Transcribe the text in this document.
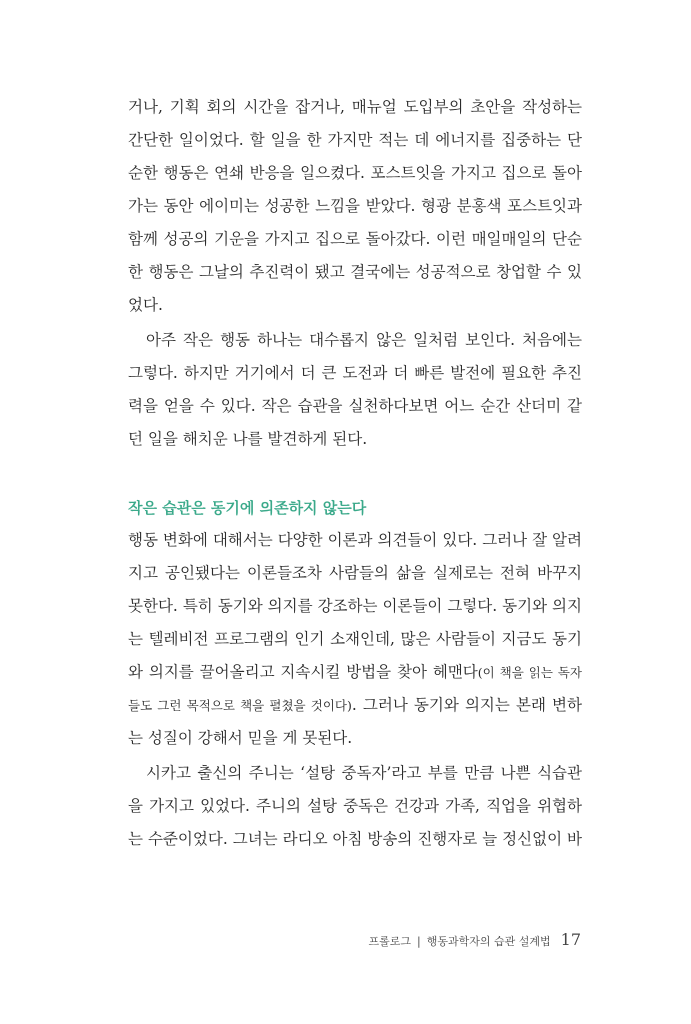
거나, 기획 회의 시간을 잡거나, 매뉴얼 도입부의 초안을 작성하는
간단한 일이었다. 할 일을 한 가지만 적는 데 에너지를 집중하는 단
순한 행동은 연쇄 반응을 일으켰다. 포스트잇을 가지고 집으로 돌아
가는 동안 에이미는 성공한 느낌을 받았다. 형광 분홍색 포스트잇과
함께 성공의 기운을 가지고 집으로 돌아갔다. 이런 매일매일의 단순
한 행동은 그날의 추진력이 됐고 결국에는 성공적으로 창업할 수 있
었다.
아주 작은 행동 하나는 대수롭지 않은 일처럼 보인다. 처음에는
그렇다. 하지만 거기에서 더 큰 도전과 더 빠른 발전에 필요한 추진
력을 얻을 수 있다. 작은 습관을 실천하다보면 어느 순간 산더미 같
던 일을 해치운 나를 발견하게 된다.
작은 습관은 동기에 의존하지 않는다
행동 변화에 대해서는 다양한 이론과 의견들이 있다. 그러나 잘 알려
지고 공인됐다는 이론들조차 사람들의 삶을 실제로는 전혀 바꾸지
못한다. 특히 동기와 의지를 강조하는 이론들이 그렇다. 동기와 의지
는 텔레비전 프로그램의 인기 소재인데, 많은 사람들이 지금도 동기
와 의지를 끌어올리고 지속시킬 방법을 찾아 헤맨다(이 책을 읽는 독자
들도 그런 목적으로 책을 펼쳤을 것이다). 그러나 동기와 의지는 본래 변하
는 성질이 강해서 믿을 게 못된다.
시카고 출신의 주니는 ‘설탕 중독자’라고 부를 만큼 나쁜 식습관
을 가지고 있었다. 주니의 설탕 중독은 건강과 가족, 직업을 위협하
는 수준이었다. 그녀는 라디오 아침 방송의 진행자로 늘 정신없이 바
프롤로그 | 행동과학자의 습관 설계법 17
